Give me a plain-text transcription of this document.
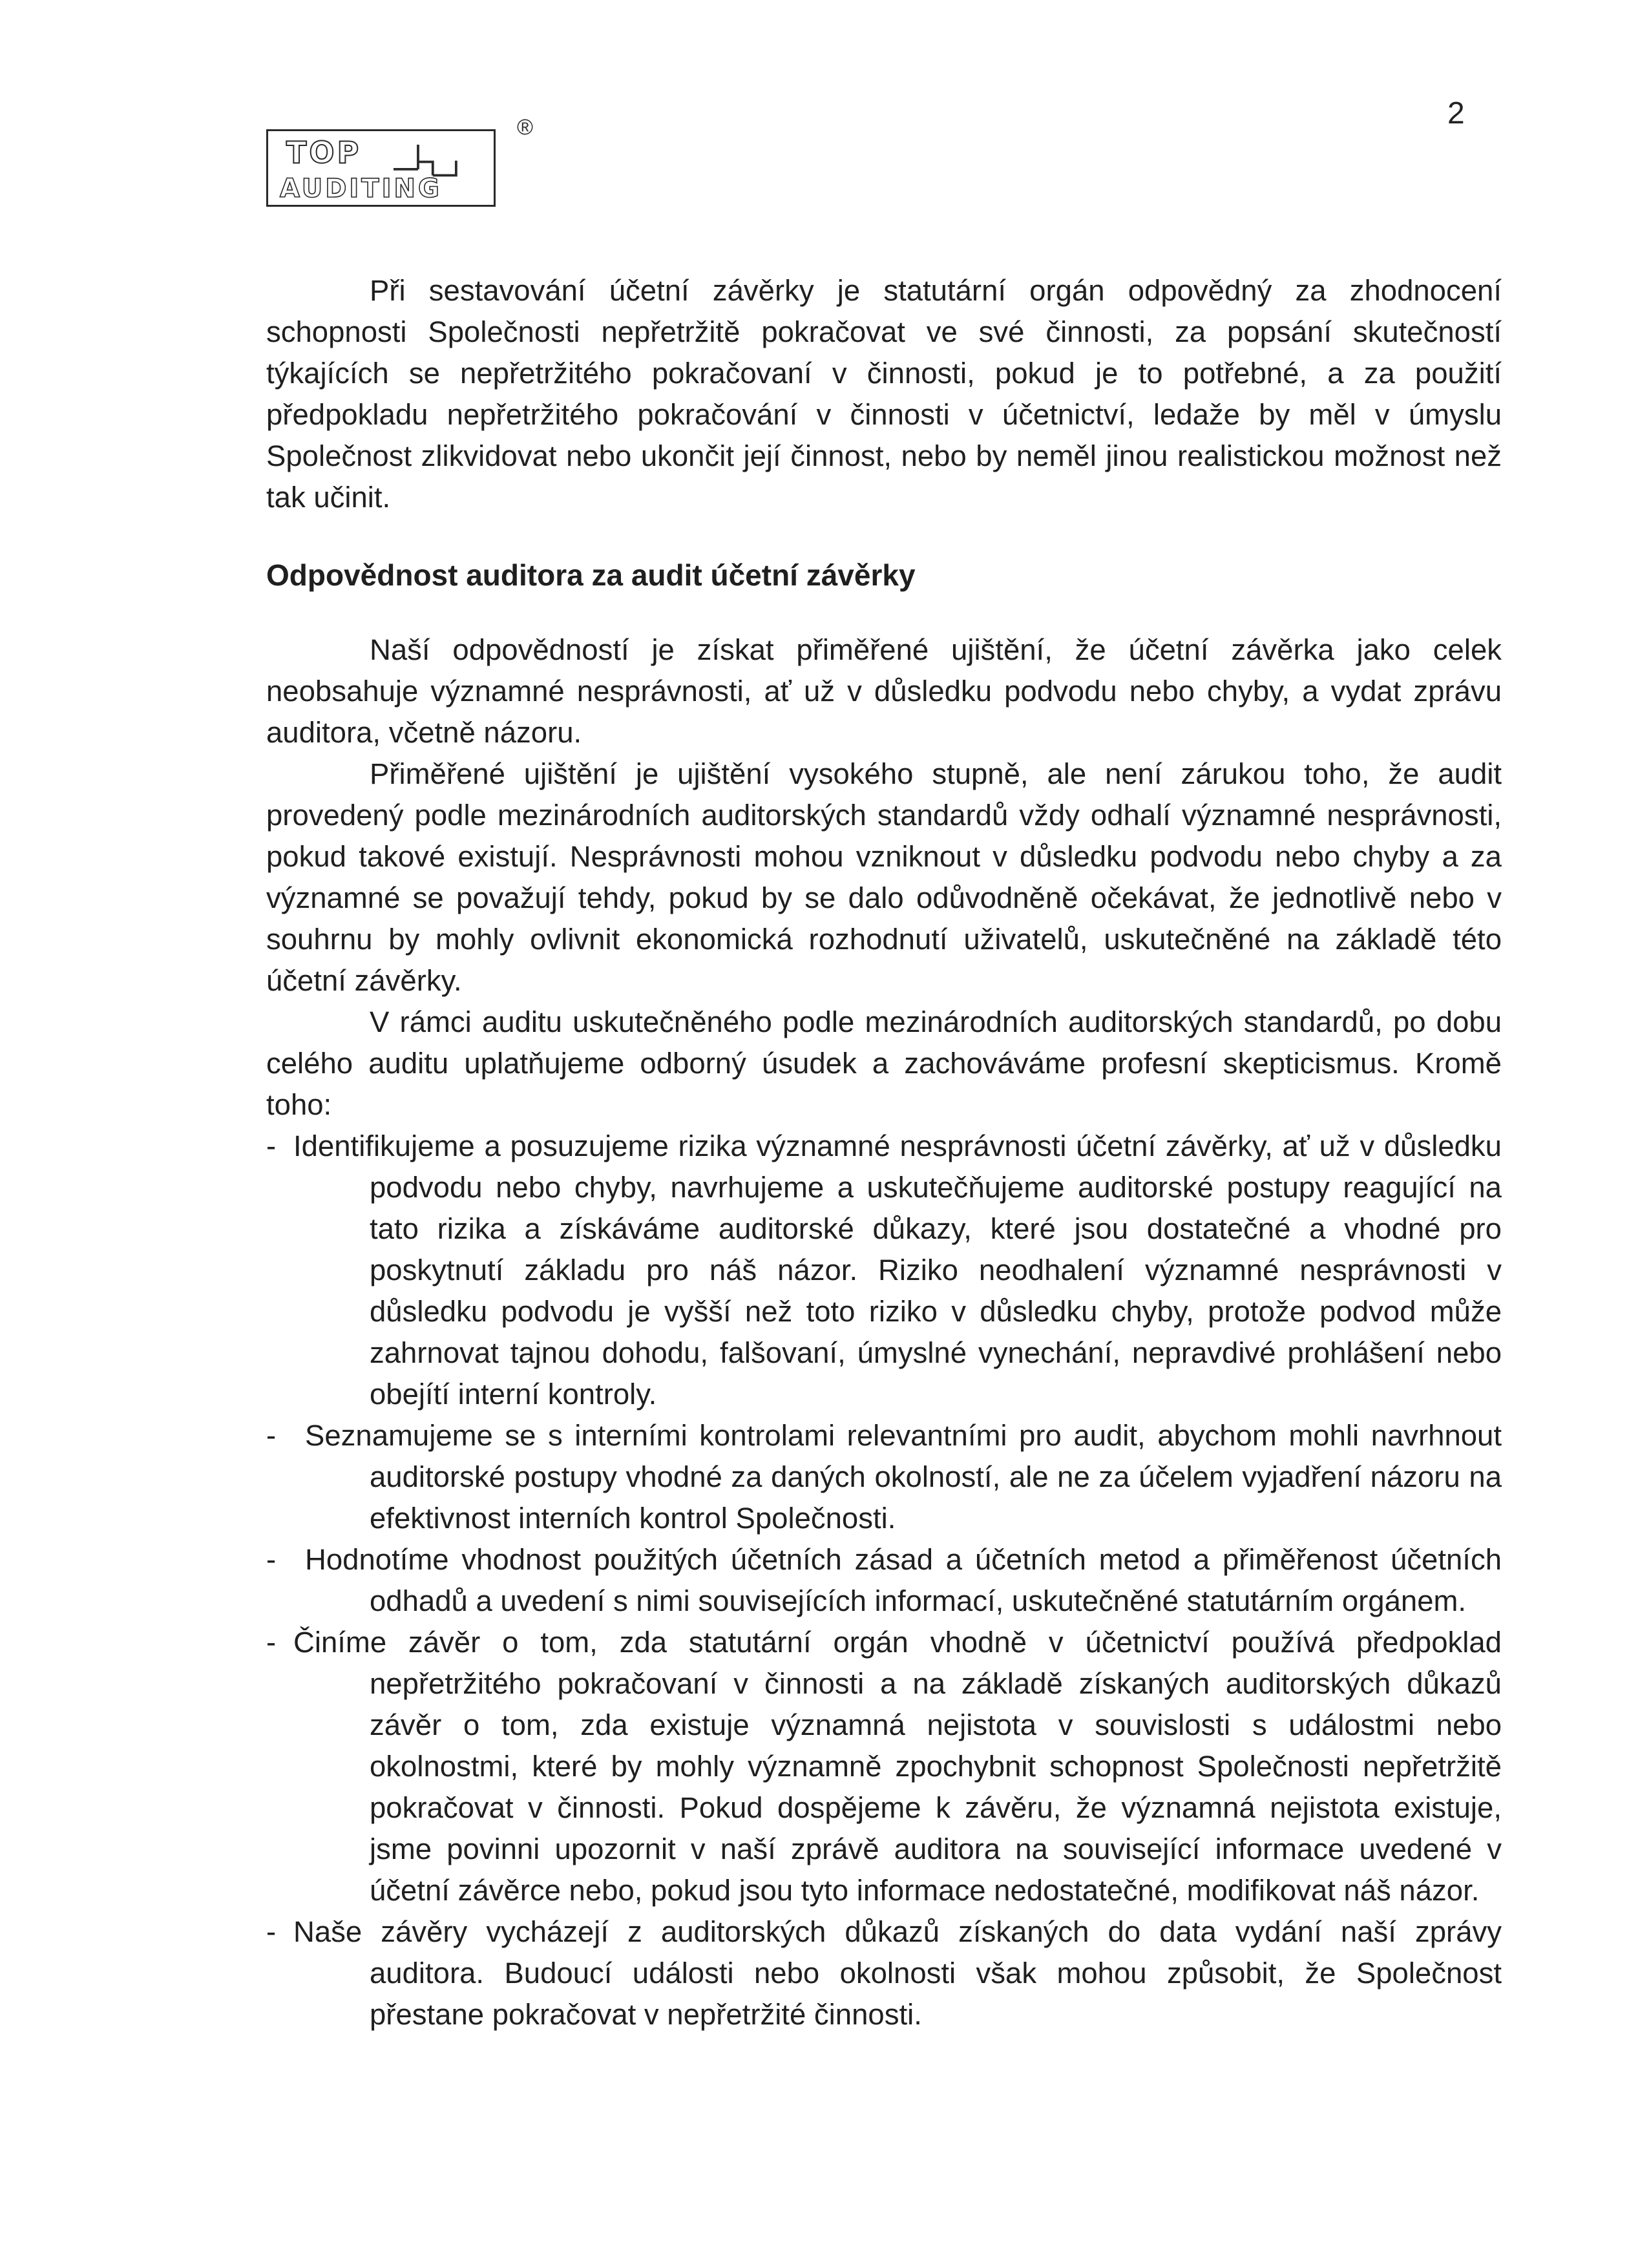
TOP
AUDITING
®	2

Při sestavování účetní závěrky je statutární orgán odpovědný za zhodnocení schopnosti Společnosti nepřetržitě pokračovat ve své činnosti, za popsání skutečností týkajících se nepřetržitého pokračovaní v činnosti, pokud je to potřebné, a za použití předpokladu nepřetržitého pokračování v činnosti v účetnictví, ledaže by měl v úmyslu Společnost zlikvidovat nebo ukončit její činnost, nebo by neměl jinou realistickou možnost než tak učinit.

Odpovědnost auditora za audit účetní závěrky

Naší odpovědností je získat přiměřené ujištění, že účetní závěrka jako celek neobsahuje významné nesprávnosti, ať už v důsledku podvodu nebo chyby, a vydat zprávu auditora, včetně názoru.

Přiměřené ujištění je ujištění vysokého stupně, ale není zárukou toho, že audit provedený podle mezinárodních auditorských standardů vždy odhalí významné nesprávnosti, pokud takové existují. Nesprávnosti mohou vzniknout v důsledku podvodu nebo chyby a za významné se považují tehdy, pokud by se dalo odůvodněně očekávat, že jednotlivě nebo v souhrnu by mohly ovlivnit ekonomická rozhodnutí uživatelů, uskutečněné na základě této účetní závěrky.

V rámci auditu uskutečněného podle mezinárodních auditorských standardů, po dobu celého auditu uplatňujeme odborný úsudek a zachováváme profesní skepticismus. Kromě toho:

- Identifikujeme a posuzujeme rizika významné nesprávnosti účetní závěrky, ať už v důsledku podvodu nebo chyby, navrhujeme a uskutečňujeme auditorské postupy reagující na tato rizika a získáváme auditorské důkazy, které jsou dostatečné a vhodné pro poskytnutí základu pro náš názor. Riziko neodhalení významné nesprávnosti v důsledku podvodu je vyšší než toto riziko v důsledku chyby, protože podvod může zahrnovat tajnou dohodu, falšovaní, úmyslné vynechání, nepravdivé prohlášení nebo obejítí interní kontroly.
- Seznamujeme se s interními kontrolami relevantními pro audit, abychom mohli navrhnout auditorské postupy vhodné za daných okolností, ale ne za účelem vyjadření názoru na efektivnost interních kontrol Společnosti.
- Hodnotíme vhodnost použitých účetních zásad a účetních metod a přiměřenost účetních odhadů a uvedení s nimi souvisejících informací, uskutečněné statutárním orgánem.
- Činíme závěr o tom, zda statutární orgán vhodně v účetnictví používá předpoklad nepřetržitého pokračovaní v činnosti a na základě získaných auditorských důkazů závěr o tom, zda existuje významná nejistota v souvislosti s událostmi nebo okolnostmi, které by mohly významně zpochybnit schopnost Společnosti nepřetržitě pokračovat v činnosti. Pokud dospějeme k závěru, že významná nejistota existuje, jsme povinni upozornit v naší zprávě auditora na související informace uvedené v účetní závěrce nebo, pokud jsou tyto informace nedostatečné, modifikovat náš názor.
- Naše závěry vycházejí z auditorských důkazů získaných do data vydání naší zprávy auditora. Budoucí události nebo okolnosti však mohou způsobit, že Společnost přestane pokračovat v nepřetržité činnosti.
